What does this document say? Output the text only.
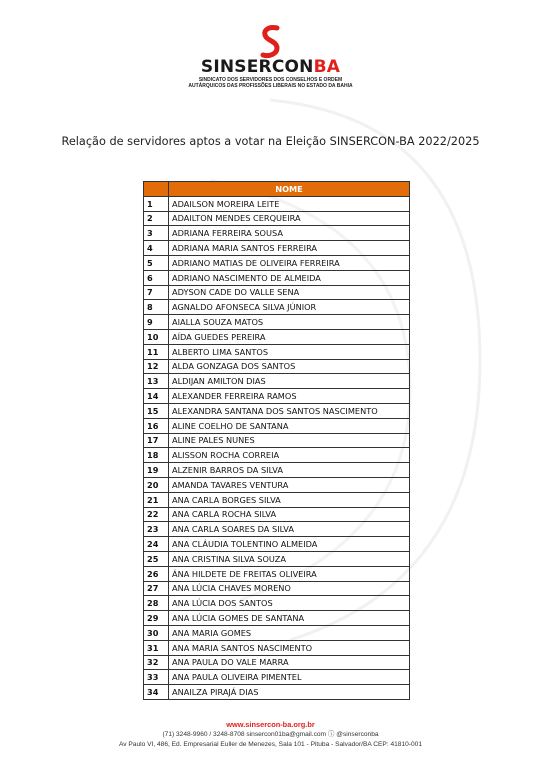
SINSERCONBA
SINDICATO DOS SERVIDORES DOS CONSELHOS E ORDEM
AUTÁRQUICOS DAS PROFISSÕES LIBERAIS NO ESTADO DA BAHIA
Relação de servidores aptos a votar na Eleição SINSERCON-BA 2022/2025
	NOME
1	ADAILSON MOREIRA LEITE
2	ADAILTON MENDES CERQUEIRA
3	ADRIANA FERREIRA SOUSA
4	ADRIANA MARIA SANTOS FERREIRA
5	ADRIANO MATIAS DE OLIVEIRA FERREIRA
6	ADRIANO NASCIMENTO DE ALMEIDA
7	ADYSON CADE DO VALLE SENA
8	AGNALDO AFONSECA SILVA JÚNIOR
9	AIALLA SOUZA MATOS
10	AÍDA GUEDES PEREIRA
11	ALBERTO LIMA SANTOS
12	ALDA GONZAGA DOS SANTOS
13	ALDIJAN AMILTON DIAS
14	ALEXANDER FERREIRA RAMOS
15	ALEXANDRA SANTANA DOS SANTOS NASCIMENTO
16	ALINE COELHO DE SANTANA
17	ALINE PALES NUNES
18	ALISSON ROCHA CORREIA
19	ALZENIR BARROS DA SILVA
20	AMANDA TAVARES VENTURA
21	ANA CARLA BORGES SILVA
22	ANA CARLA ROCHA SILVA
23	ANA CARLA SOARES DA SILVA
24	ANA CLÁUDIA TOLENTINO ALMEIDA
25	ANA CRISTINA SILVA SOUZA
26	ÁNA HILDETE DE FREITAS OLIVEIRA
27	ANA LÚCIA CHAVES MORENO
28	ANA LÚCIA DOS SANTOS
29	ANA LÚCIA GOMES DE SANTANA
30	ANA MARIA GOMES
31	ANA MARIA SANTOS NASCIMENTO
32	ANA PAULA DO VALE MARRA
33	ANA PAULA OLIVEIRA PIMENTEL
34	ANAILZA PIRAJÁ DIAS
www.sinsercon-ba.org.br
(71) 3248-9960 / 3248-8708 sinsercon01ba@gmail.com ⓘ @sinserconba
Av Paulo VI, 486, Ed. Empresarial Euller de Menezes, Sala 101 - Pituba - Salvador/BA CEP: 41810-001
